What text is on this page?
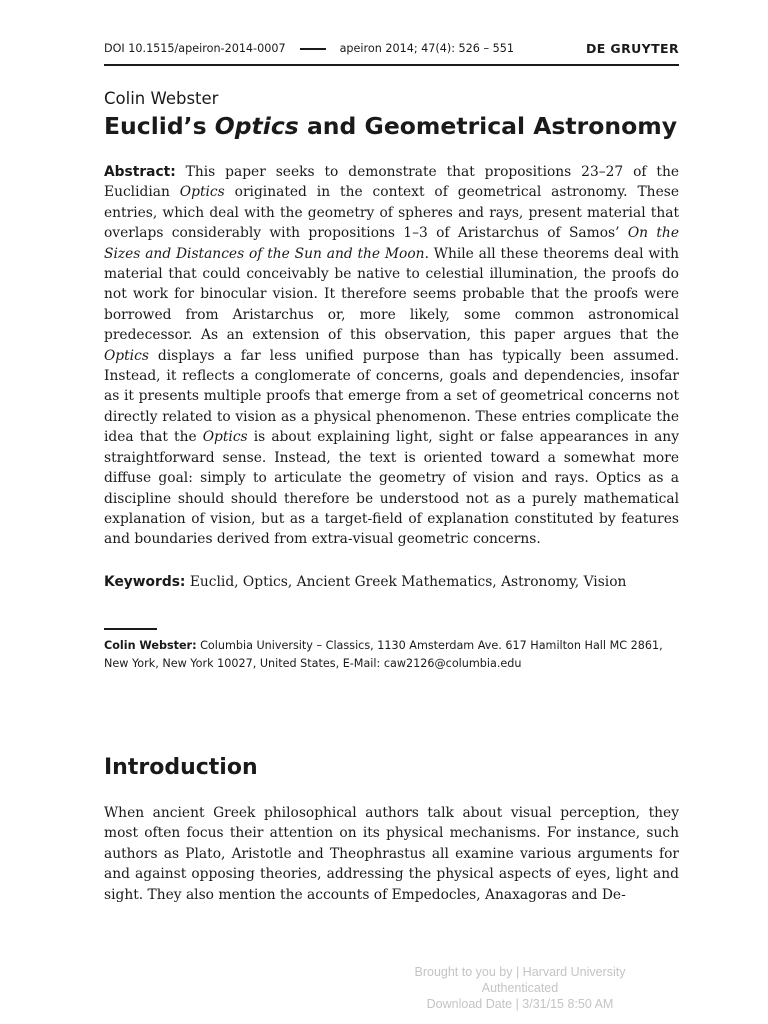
DOI 10.1515/apeiron-2014-0007	apeiron 2014; 47(4): 526 – 551	DE GRUYTER
Colin Webster
Euclid’s Optics and Geometrical Astronomy

Abstract: This paper seeks to demonstrate that propositions 23–27 of the Euclidian Optics originated in the context of geometrical astronomy. These entries, which deal with the geometry of spheres and rays, present material that overlaps considerably with propositions 1–3 of Aristarchus of Samos’ On the Sizes and Distances of the Sun and the Moon. While all these theorems deal with material that could conceivably be native to celestial illumination, the proofs do not work for binocular vision. It therefore seems probable that the proofs were borrowed from Aristarchus or, more likely, some common astronomical predecessor. As an extension of this observation, this paper argues that the Optics displays a far less unified purpose than has typically been assumed. Instead, it reflects a conglomerate of concerns, goals and dependencies, insofar as it presents multiple proofs that emerge from a set of geometrical concerns not directly related to vision as a physical phenomenon. These entries complicate the idea that the Optics is about explaining light, sight or false appearances in any straightforward sense. Instead, the text is oriented toward a somewhat more diffuse goal: simply to articulate the geometry of vision and rays. Optics as a discipline should should therefore be understood not as a purely mathematical explanation of vision, but as a target-field of explanation constituted by features and boundaries derived from extra-visual geometric concerns.

Keywords: Euclid, Optics, Ancient Greek Mathematics, Astronomy, Vision

Colin Webster: Columbia University – Classics, 1130 Amsterdam Ave. 617 Hamilton Hall MC 2861, New York, New York 10027, United States, E-Mail: caw2126@columbia.edu

Introduction

When ancient Greek philosophical authors talk about visual perception, they most often focus their attention on its physical mechanisms. For instance, such authors as Plato, Aristotle and Theophrastus all examine various arguments for and against opposing theories, addressing the physical aspects of eyes, light and sight. They also mention the accounts of Empedocles, Anaxagoras and De-

Brought to you by | Harvard University
Authenticated
Download Date | 3/31/15 8:50 AM
